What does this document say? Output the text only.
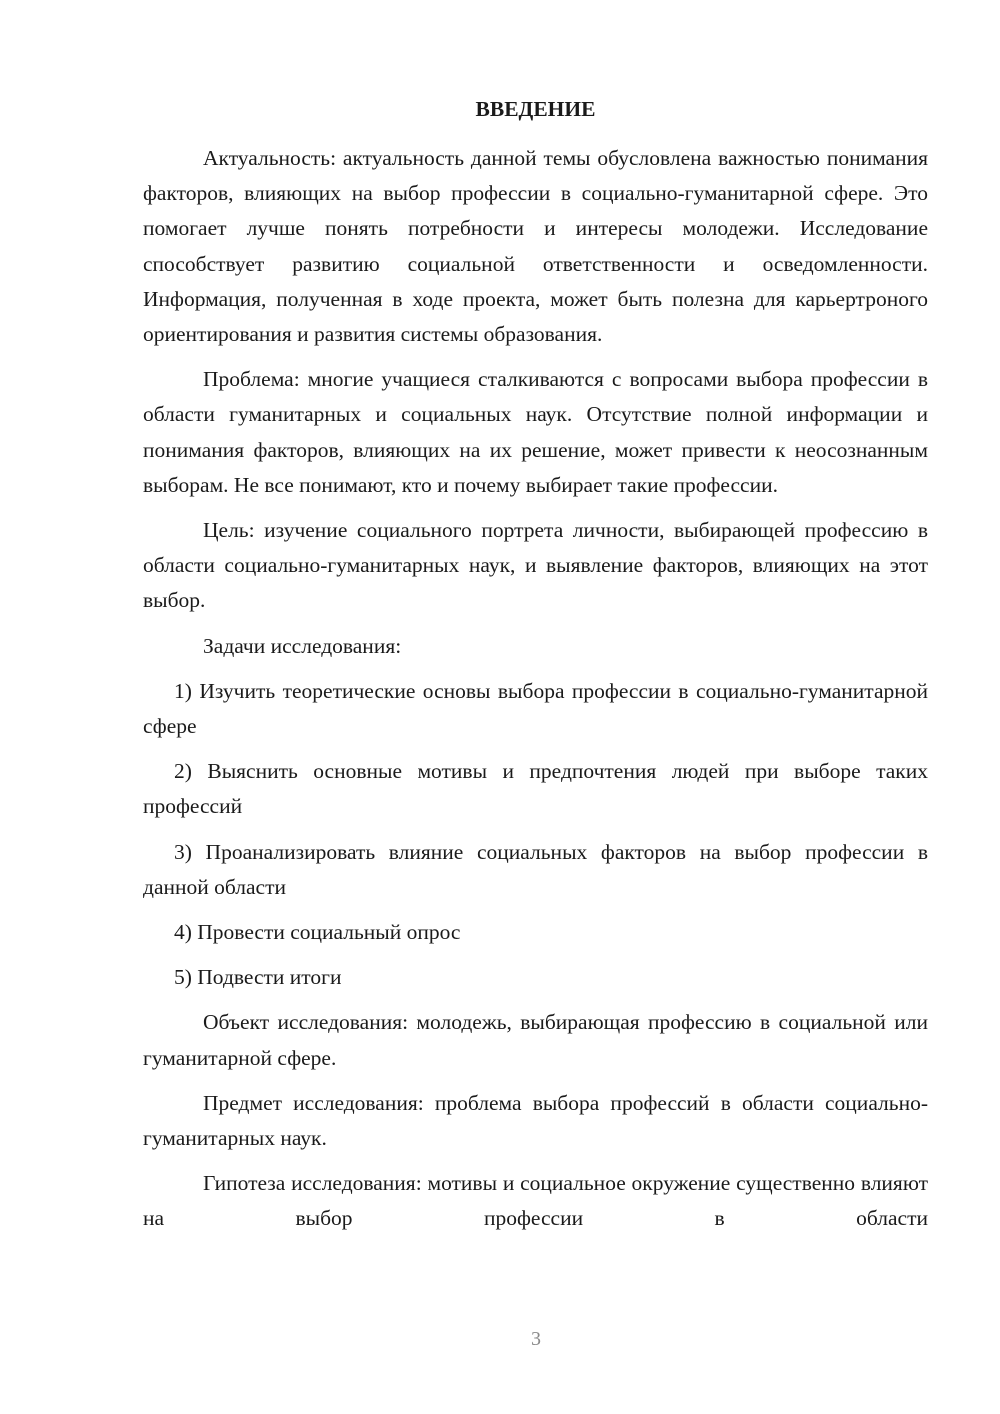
ВВЕДЕНИЕ

Актуальность: актуальность данной темы обусловлена важностью понимания факторов, влияющих на выбор профессии в социально-гуманитарной сфере. Это помогает лучше понять потребности и интересы молодежи. Исследование способствует развитию социальной ответственности и осведомленности. Информация, полученная в ходе проекта, может быть полезна для карьертроного ориентирования и развития системы образования.

Проблема: многие учащиеся сталкиваются с вопросами выбора профессии в области гуманитарных и социальных наук. Отсутствие полной информации и понимания факторов, влияющих на их решение, может привести к неосознанным выборам. Не все понимают, кто и почему выбирает такие профессии.

Цель: изучение социального портрета личности, выбирающей профессию в области социально-гуманитарных наук, и выявление факторов, влияющих на этот выбор.

Задачи исследования:

1) Изучить теоретические основы выбора профессии в социально-гуманитарной сфере

2) Выяснить основные мотивы и предпочтения людей при выборе таких профессий

3) Проанализировать влияние социальных факторов на выбор профессии в данной области

4) Провести социальный опрос

5) Подвести итоги

Объект исследования: молодежь, выбирающая профессию в социальной или гуманитарной сфере.

Предмет исследования: проблема выбора профессий в области социально-гуманитарных наук.

Гипотеза исследования: мотивы и социальное окружение существенно влияют на выбор профессии в области

3
